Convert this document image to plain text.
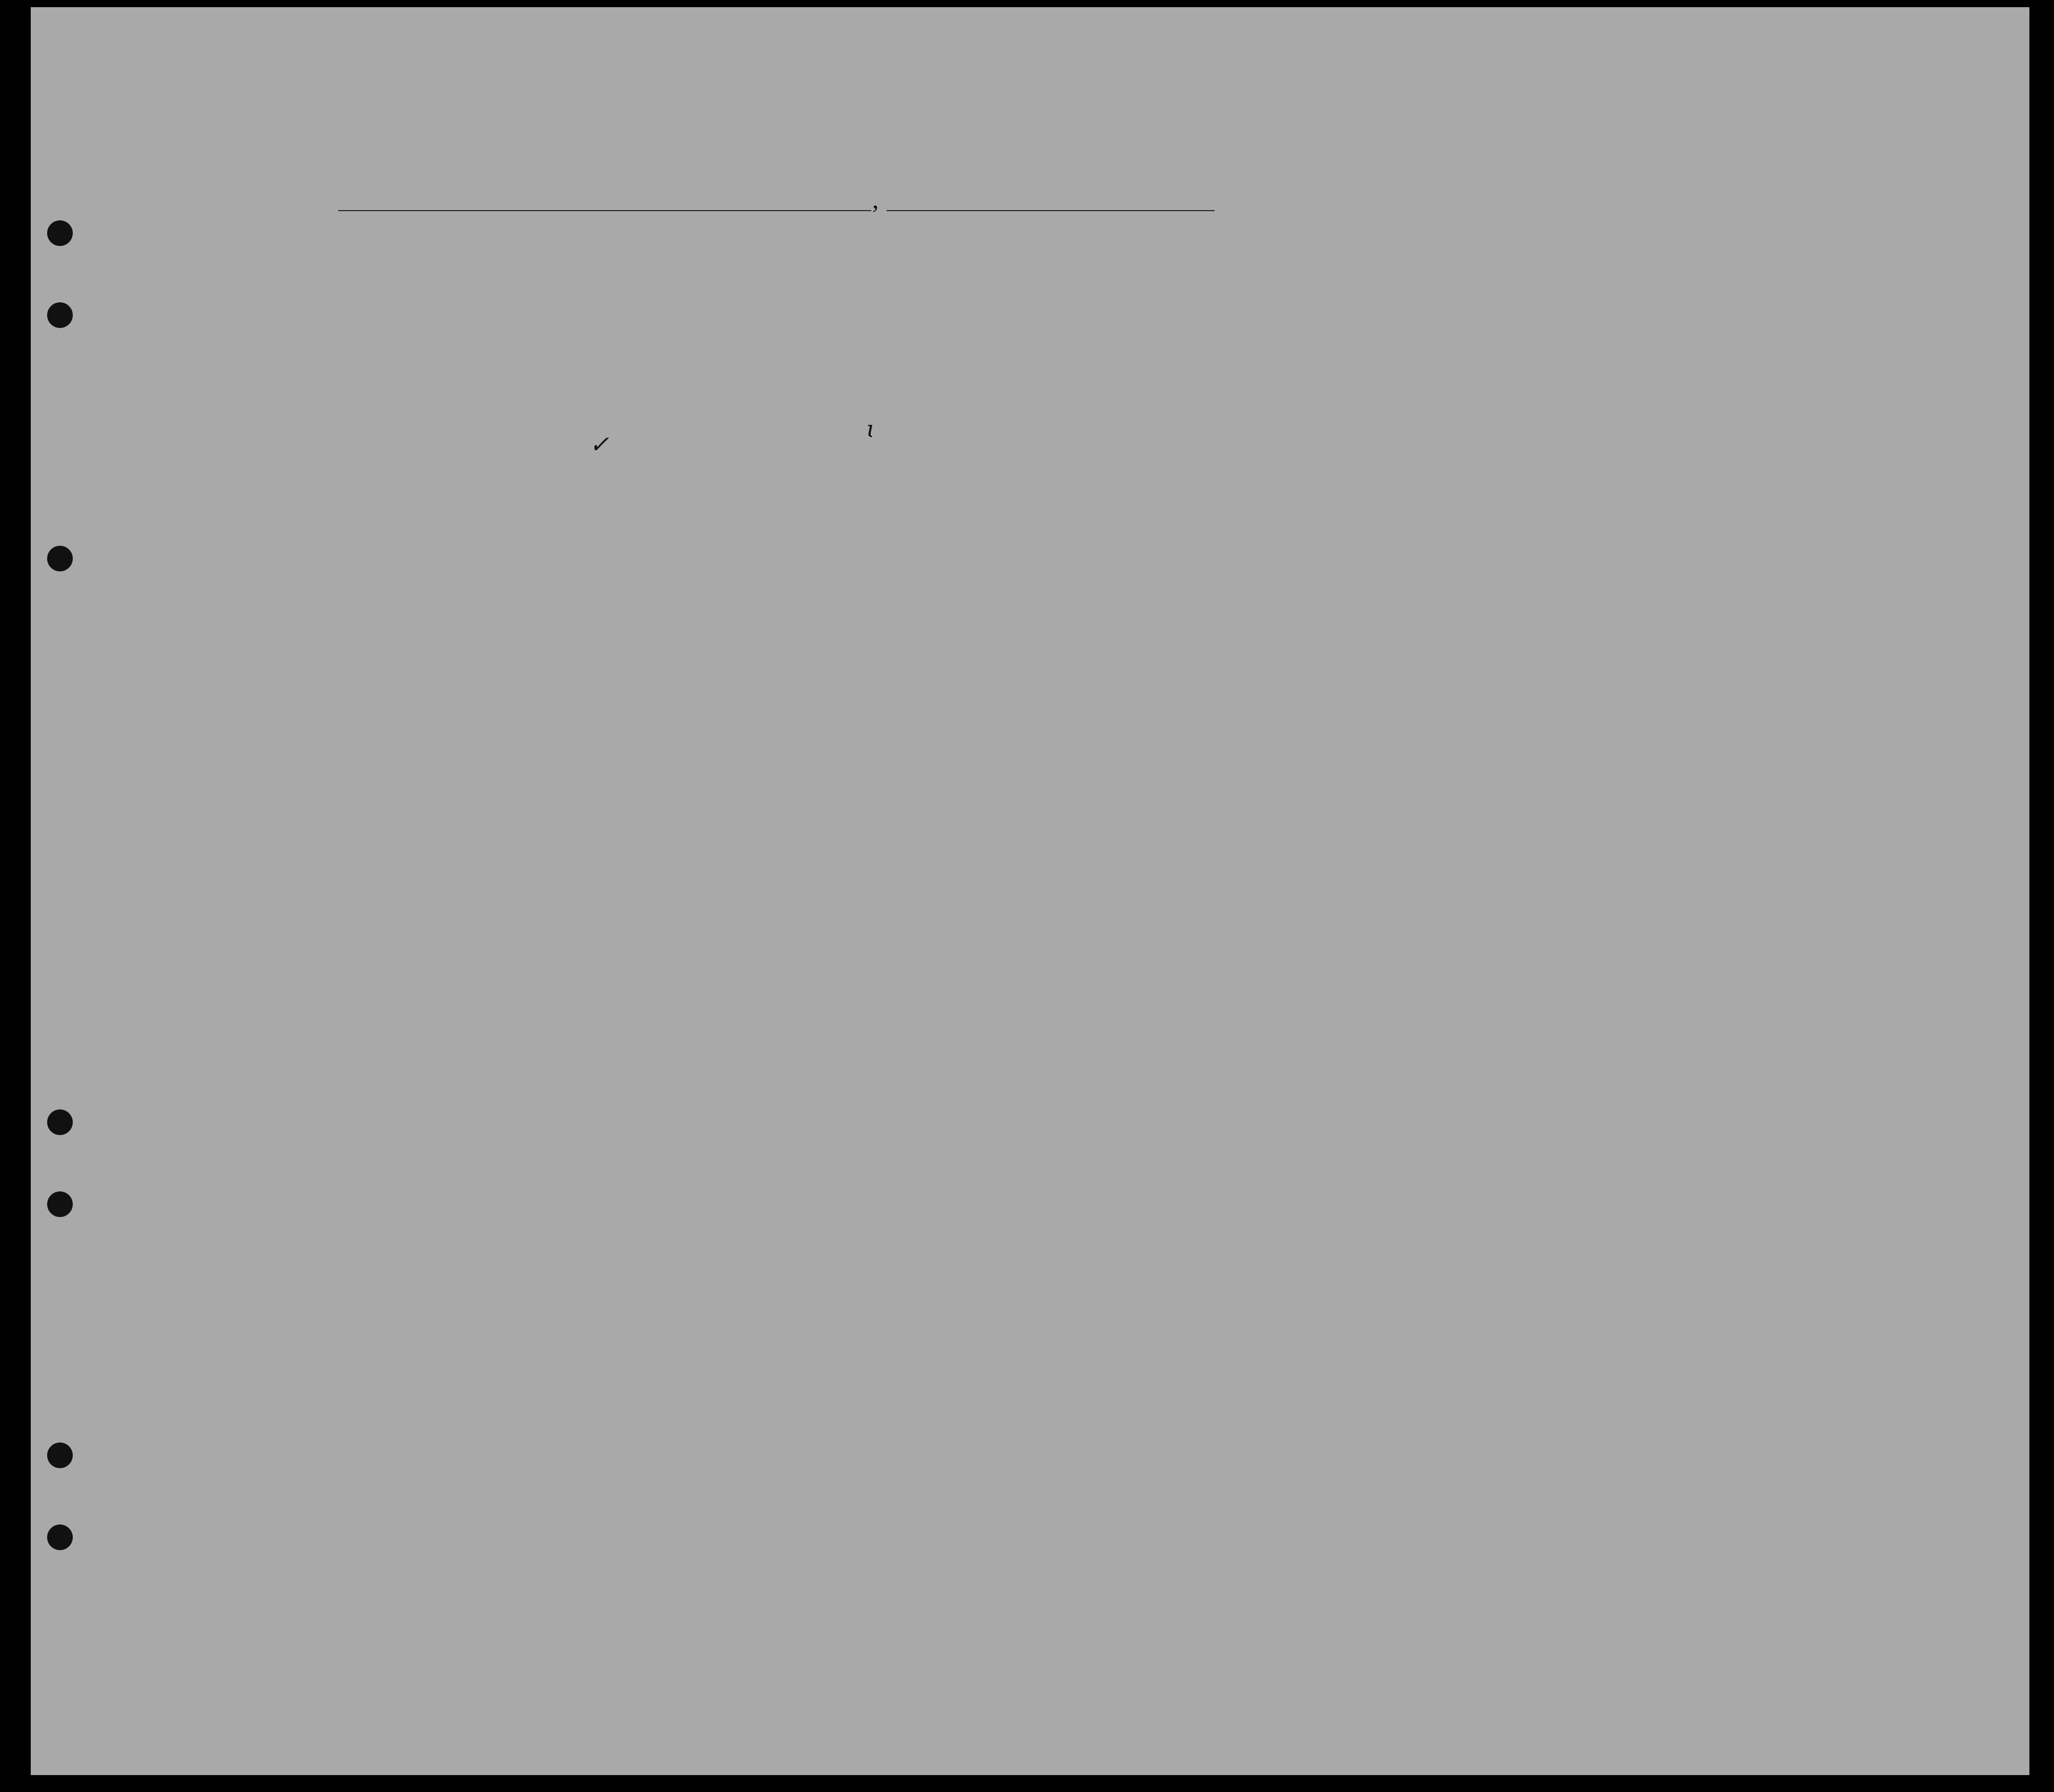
,
✓
ɩ
